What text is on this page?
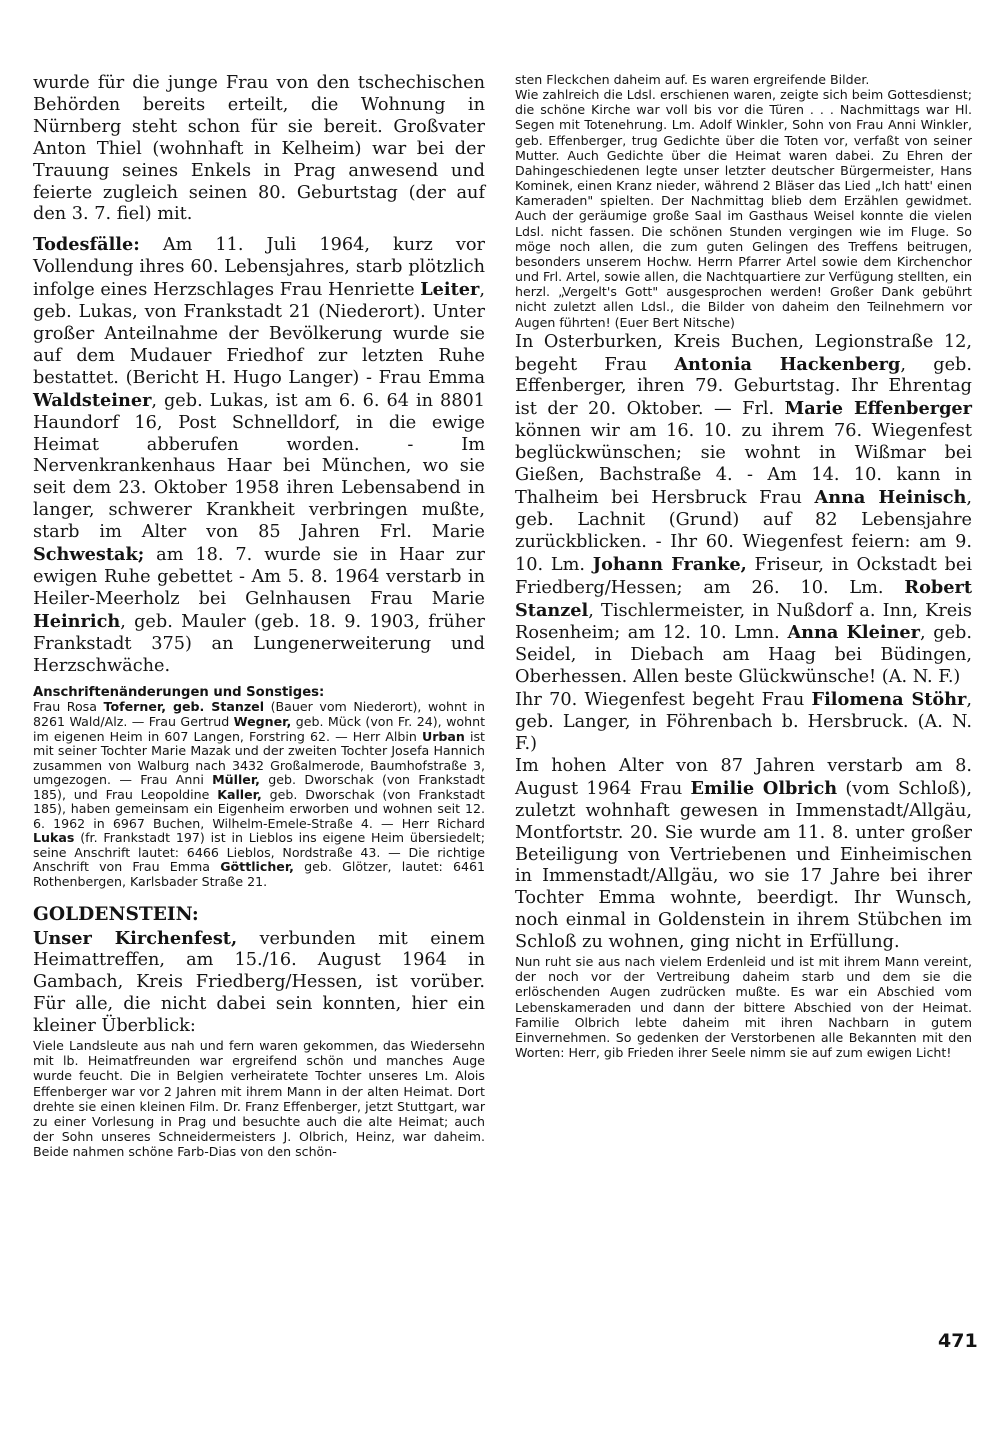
wurde für die junge Frau von den tschechischen Behörden bereits erteilt, die Wohnung in Nürnberg steht schon für sie bereit. Großvater Anton Thiel (wohnhaft in Kelheim) war bei der Trauung seines Enkels in Prag anwesend und feierte zugleich seinen 80. Geburtstag (der auf den 3. 7. fiel) mit.

Todesfälle: Am 11. Juli 1964, kurz vor Vollendung ihres 60. Lebensjahres, starb plötzlich infolge eines Herzschlages Frau Henriette Leiter, geb. Lukas, von Frankstadt 21 (Niederort). Unter großer Anteilnahme der Bevölkerung wurde sie auf dem Mudauer Friedhof zur letzten Ruhe bestattet. (Bericht H. Hugo Langer) - Frau Emma Waldsteiner, geb. Lukas, ist am 6. 6. 64 in 8801 Haundorf 16, Post Schnelldorf, in die ewige Heimat abberufen worden. - Im Nervenkrankenhaus Haar bei München, wo sie seit dem 23. Oktober 1958 ihren Lebensabend in langer, schwerer Krankheit verbringen mußte, starb im Alter von 85 Jahren Frl. Marie Schwestak; am 18. 7. wurde sie in Haar zur ewigen Ruhe gebettet - Am 5. 8. 1964 verstarb in Heiler-Meerholz bei Gelnhausen Frau Marie Heinrich, geb. Mauler (geb. 18. 9. 1903, früher Frankstadt 375) an Lungenerweiterung und Herzschwäche.

Anschriftenänderungen und Sonstiges:

Frau Rosa Toferner, geb. Stanzel (Bauer vom Niederort), wohnt in 8261 Wald/Alz. — Frau Gertrud Wegner, geb. Mück (von Fr. 24), wohnt im eigenen Heim in 607 Langen, Forstring 62. — Herr Albin Urban ist mit seiner Tochter Marie Mazak und der zweiten Tochter Josefa Hannich zusammen von Walburg nach 3432 Großalmerode, Baumhofstraße 3, umgezogen. — Frau Anni Müller, geb. Dworschak (von Frankstadt 185), und Frau Leopoldine Kaller, geb. Dworschak (von Frankstadt 185), haben gemeinsam ein Eigenheim erworben und wohnen seit 12. 6. 1962 in 6967 Buchen, Wilhelm-Emele-Straße 4. — Herr Richard Lukas (fr. Frankstadt 197) ist in Lieblos ins eigene Heim übersiedelt; seine Anschrift lautet: 6466 Lieblos, Nordstraße 43. — Die richtige Anschrift von Frau Emma Göttlicher, geb. Glötzer, lautet: 6461 Rothenbergen, Karlsbader Straße 21.

GOLDENSTEIN:

Unser Kirchenfest, verbunden mit einem Heimattreffen, am 15./16. August 1964 in Gambach, Kreis Friedberg/Hessen, ist vorüber. Für alle, die nicht dabei sein konnten, hier ein kleiner Überblick:

Viele Landsleute aus nah und fern waren gekommen, das Wiedersehn mit lb. Heimatfreunden war ergreifend schön und manches Auge wurde feucht. Die in Belgien verheiratete Tochter unseres Lm. Alois Effenberger war vor 2 Jahren mit ihrem Mann in der alten Heimat. Dort drehte sie einen kleinen Film. Dr. Franz Effenberger, jetzt Stuttgart, war zu einer Vorlesung in Prag und besuchte auch die alte Heimat; auch der Sohn unseres Schneidermeisters J. Olbrich, Heinz, war daheim. Beide nahmen schöne Farb-Dias von den schön-

sten Fleckchen daheim auf. Es waren ergreifende Bilder.

Wie zahlreich die Ldsl. erschienen waren, zeigte sich beim Gottesdienst; die schöne Kirche war voll bis vor die Türen . . . Nachmittags war Hl. Segen mit Totenehrung. Lm. Adolf Winkler, Sohn von Frau Anni Winkler, geb. Effenberger, trug Gedichte über die Toten vor, verfaßt von seiner Mutter. Auch Gedichte über die Heimat waren dabei. Zu Ehren der Dahingeschiedenen legte unser letzter deutscher Bürgermeister, Hans Kominek, einen Kranz nieder, während 2 Bläser das Lied „Ich hatt' einen Kameraden" spielten. Der Nachmittag blieb dem Erzählen gewidmet. Auch der geräumige große Saal im Gasthaus Weisel konnte die vielen Ldsl. nicht fassen. Die schönen Stunden vergingen wie im Fluge. So möge noch allen, die zum guten Gelingen des Treffens beitrugen, besonders unserem Hochw. Herrn Pfarrer Artel sowie dem Kirchenchor und Frl. Artel, sowie allen, die Nachtquartiere zur Verfügung stellten, ein herzl. „Vergelt's Gott" ausgesprochen werden! Großer Dank gebührt nicht zuletzt allen Ldsl., die Bilder von daheim den Teilnehmern vor Augen führten! (Euer Bert Nitsche)

In Osterburken, Kreis Buchen, Legionstraße 12, begeht Frau Antonia Hackenberg, geb. Effenberger, ihren 79. Geburtstag. Ihr Ehrentag ist der 20. Oktober. — Frl. Marie Effenberger können wir am 16. 10. zu ihrem 76. Wiegenfest beglückwünschen; sie wohnt in Wißmar bei Gießen, Bachstraße 4. - Am 14. 10. kann in Thalheim bei Hersbruck Frau Anna Heinisch, geb. Lachnit (Grund) auf 82 Lebensjahre zurückblicken. - Ihr 60. Wiegenfest feiern: am 9. 10. Lm. Johann Franke, Friseur, in Ockstadt bei Friedberg/Hessen; am 26. 10. Lm. Robert Stanzel, Tischlermeister, in Nußdorf a. Inn, Kreis Rosenheim; am 12. 10. Lmn. Anna Kleiner, geb. Seidel, in Diebach am Haag bei Büdingen, Oberhessen. Allen beste Glückwünsche! (A. N. F.)

Ihr 70. Wiegenfest begeht Frau Filomena Stöhr, geb. Langer, in Föhrenbach b. Hersbruck. (A. N. F.)

Im hohen Alter von 87 Jahren verstarb am 8. August 1964 Frau Emilie Olbrich (vom Schloß), zuletzt wohnhaft gewesen in Immenstadt/Allgäu, Montfortstr. 20. Sie wurde am 11. 8. unter großer Beteiligung von Vertriebenen und Einheimischen in Immenstadt/Allgäu, wo sie 17 Jahre bei ihrer Tochter Emma wohnte, beerdigt. Ihr Wunsch, noch einmal in Goldenstein in ihrem Stübchen im Schloß zu wohnen, ging nicht in Erfüllung.

Nun ruht sie aus nach vielem Erdenleid und ist mit ihrem Mann vereint, der noch vor der Vertreibung daheim starb und dem sie die erlöschenden Augen zudrücken mußte. Es war ein Abschied vom Lebenskameraden und dann der bittere Abschied von der Heimat. Familie Olbrich lebte daheim mit ihren Nachbarn in gutem Einvernehmen. So gedenken der Verstorbenen alle Bekannten mit den Worten: Herr, gib Frieden ihrer Seele nimm sie auf zum ewigen Licht!

471
